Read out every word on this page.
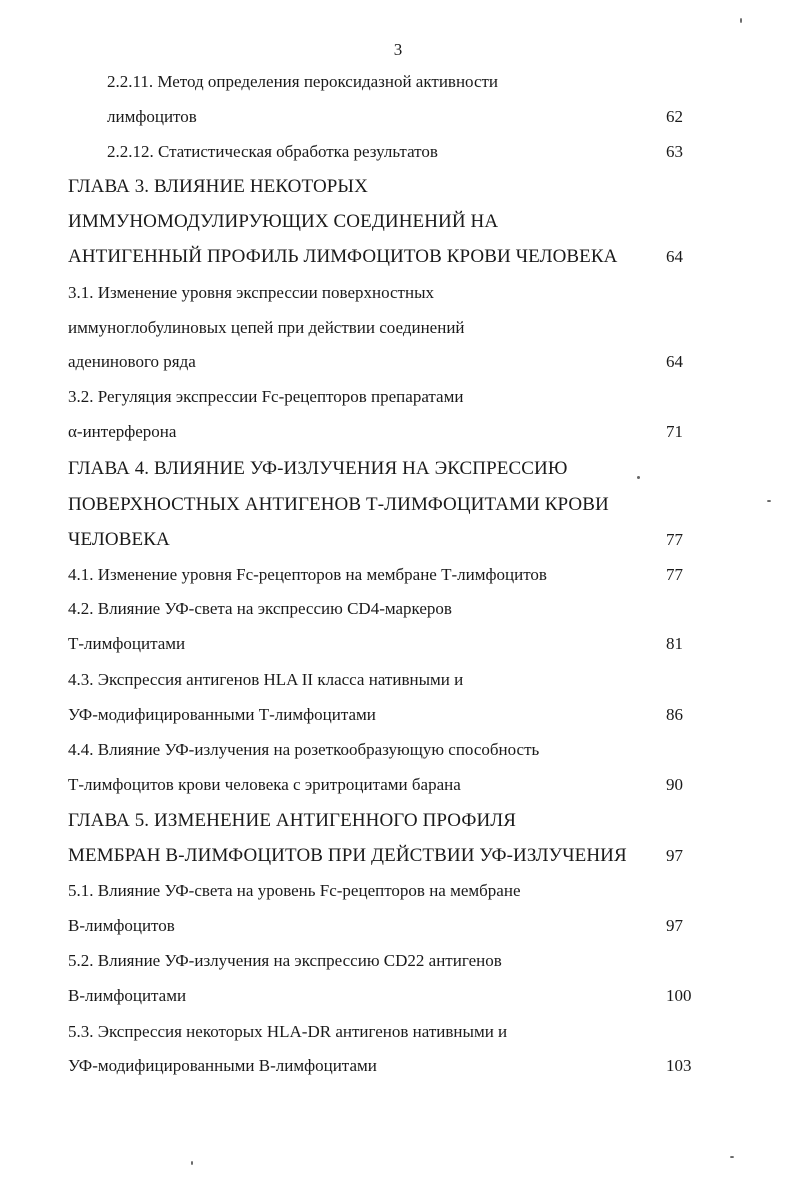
3
2.2.11. Метод определения пероксидазной активности
лимфоцитов	62
2.2.12. Статистическая обработка результатов	63
ГЛАВА 3. ВЛИЯНИЕ НЕКОТОРЫХ
ИММУНОМОДУЛИРУЮЩИХ СОЕДИНЕНИЙ НА
АНТИГЕННЫЙ ПРОФИЛЬ ЛИМФОЦИТОВ КРОВИ ЧЕЛОВЕКА	64
3.1. Изменение уровня экспрессии поверхностных
иммуноглобулиновых цепей при действии соединений
аденинового ряда	64
3.2. Регуляция экспрессии Fc-рецепторов препаратами
α-интерферона	71
ГЛАВА 4. ВЛИЯНИЕ УФ-ИЗЛУЧЕНИЯ НА ЭКСПРЕССИЮ
ПОВЕРХНОСТНЫХ АНТИГЕНОВ Т-ЛИМФОЦИТАМИ КРОВИ
ЧЕЛОВЕКА	77
4.1. Изменение уровня Fc-рецепторов на мембране Т-лимфоцитов	77
4.2. Влияние УФ-света на экспрессию CD4-маркеров
Т-лимфоцитами	81
4.3. Экспрессия антигенов HLA II класса нативными и
УФ-модифицированными Т-лимфоцитами	86
4.4. Влияние УФ-излучения на розеткообразующую способность
Т-лимфоцитов крови человека с эритроцитами барана	90
ГЛАВА 5. ИЗМЕНЕНИЕ АНТИГЕННОГО ПРОФИЛЯ
МЕМБРАН В-ЛИМФОЦИТОВ ПРИ ДЕЙСТВИИ УФ-ИЗЛУЧЕНИЯ 97
5.1. Влияние УФ-света на уровень Fc-рецепторов на мембране
В-лимфоцитов	97
5.2. Влияние УФ-излучения на экспрессию CD22 антигенов
В-лимфоцитами	100
5.3. Экспрессия некоторых HLA-DR антигенов нативными и
УФ-модифицированными В-лимфоцитами	103
